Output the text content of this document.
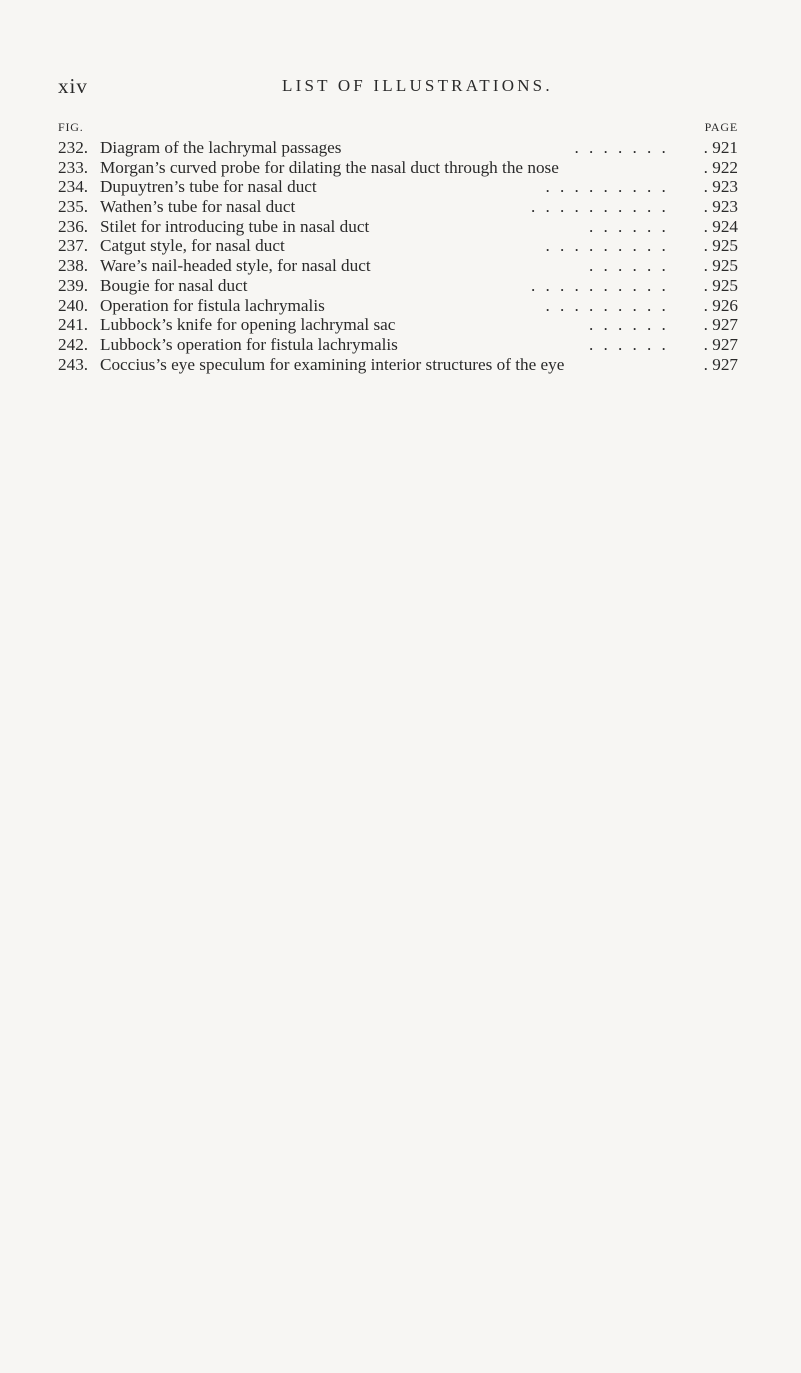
xiv	LIST OF ILLUSTRATIONS.
FIG.	PAGE
232. Diagram of the lachrymal passages	.......	. 921
233. Morgan’s curved probe for dilating the nasal duct through the nose	. 922
234. Dupuytren’s tube for nasal duct	.........	. 923
235. Wathen’s tube for nasal duct	..........	. 923
236. Stilet for introducing tube in nasal duct	......	. 924
237. Catgut style, for nasal duct	.........	. 925
238. Ware’s nail-headed style, for nasal duct	......	. 925
239. Bougie for nasal duct	..........	. 925
240. Operation for fistula lachrymalis	.........	. 926
241. Lubbock’s knife for opening lachrymal sac	......	. 927
242. Lubbock’s operation for fistula lachrymalis	......	. 927
243. Coccius’s eye speculum for examining interior structures of the eye	. 927
